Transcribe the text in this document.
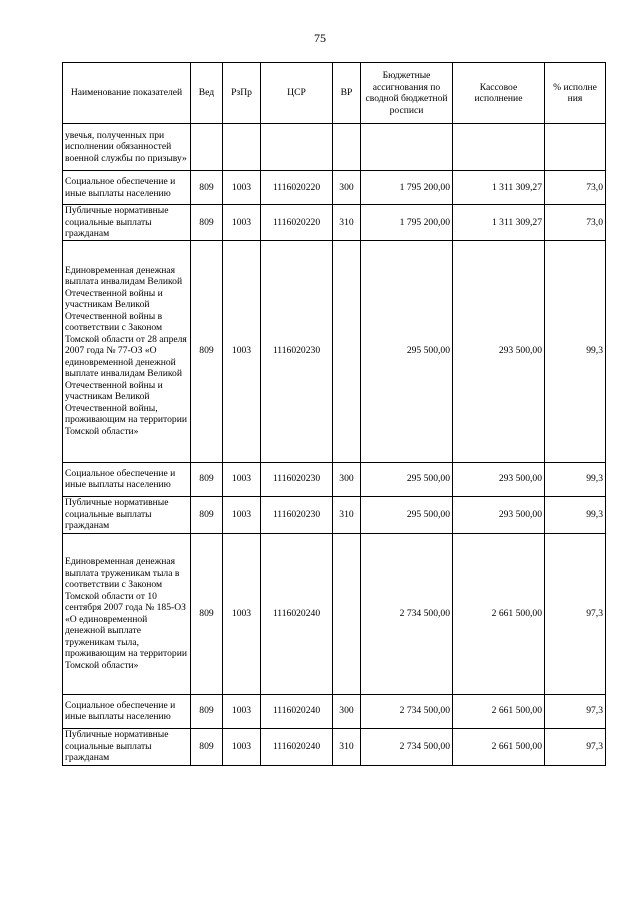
75
Наименование показателей	Вед	РзПр	ЦСР	ВР	Бюджетные ассигнования по сводной бюджетной росписи	Кассовое исполнение	% исполне ния
увечья, полученных при исполнении обязанностей военной службы по призыву»							
Социальное обеспечение и иные выплаты населению	809	1003	1116020220	300	1 795 200,00	1 311 309,27	73,0
Публичные нормативные социальные выплаты гражданам	809	1003	1116020220	310	1 795 200,00	1 311 309,27	73,0
Единовременная денежная выплата инвалидам Великой Отечественной войны и участникам Великой Отечественной войны в соответствии с Законом Томской области от 28 апреля 2007 года № 77-ОЗ «О единовременной денежной выплате инвалидам Великой Отечественной войны и участникам Великой Отечественной войны, проживающим на территории Томской области»	809	1003	1116020230		295 500,00	293 500,00	99,3
Социальное обеспечение и иные выплаты населению	809	1003	1116020230	300	295 500,00	293 500,00	99,3
Публичные нормативные социальные выплаты гражданам	809	1003	1116020230	310	295 500,00	293 500,00	99,3
Единовременная денежная выплата труженикам тыла в соответствии с Законом Томской области от 10 сентября 2007 года № 185-ОЗ «О единовременной денежной выплате труженикам тыла, проживающим на территории Томской области»	809	1003	1116020240		2 734 500,00	2 661 500,00	97,3
Социальное обеспечение и иные выплаты населению	809	1003	1116020240	300	2 734 500,00	2 661 500,00	97,3
Публичные нормативные социальные выплаты гражданам	809	1003	1116020240	310	2 734 500,00	2 661 500,00	97,3
